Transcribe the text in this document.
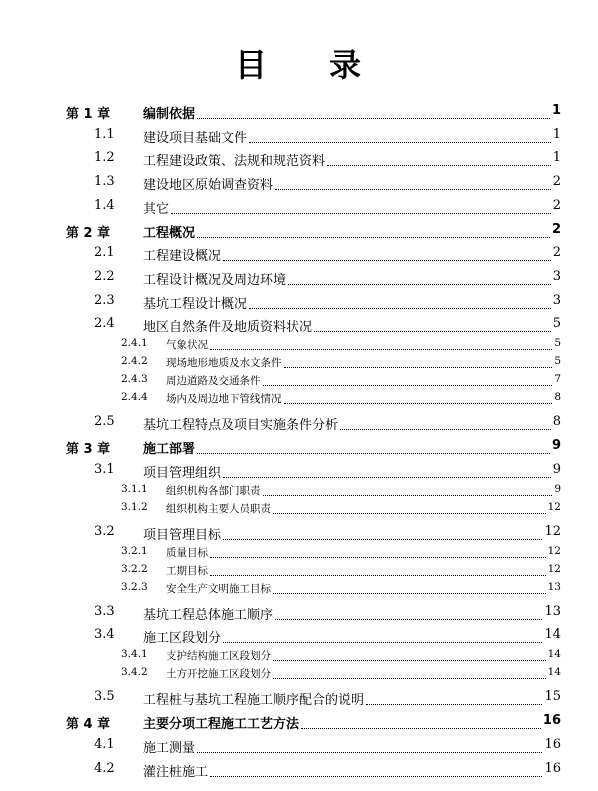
目 录
第 1 章	编制依据	1
1.1 建设项目基础文件	1
1.2 工程建设政策、法规和规范资料	1
1.3 建设地区原始调查资料	2
1.4 其它	2
第 2 章	工程概况	2
2.1 工程建设概况	2
2.2 工程设计概况及周边环境	3
2.3 基坑工程设计概况	3
2.4 地区自然条件及地质资料状况	5
2.4.1 气象状况	5
2.4.2 现场地形地质及水文条件	5
2.4.3 周边道路及交通条件	7
2.4.4 场内及周边地下管线情况	8
2.5 基坑工程特点及项目实施条件分析	8
第 3 章	施工部署	9
3.1 项目管理组织	9
3.1.1 组织机构各部门职责	9
3.1.2 组织机构主要人员职责	12
3.2 项目管理目标	12
3.2.1 质量目标	12
3.2.2 工期目标	12
3.2.3 安全生产文明施工目标	13
3.3 基坑工程总体施工顺序	13
3.4 施工区段划分	14
3.4.1 支护结构施工区段划分	14
3.4.2 土方开挖施工区段划分	14
3.5 工程桩与基坑工程施工顺序配合的说明	15
第 4 章	主要分项工程施工工艺方法	16
4.1 施工测量	16
4.2 灌注桩施工	16
